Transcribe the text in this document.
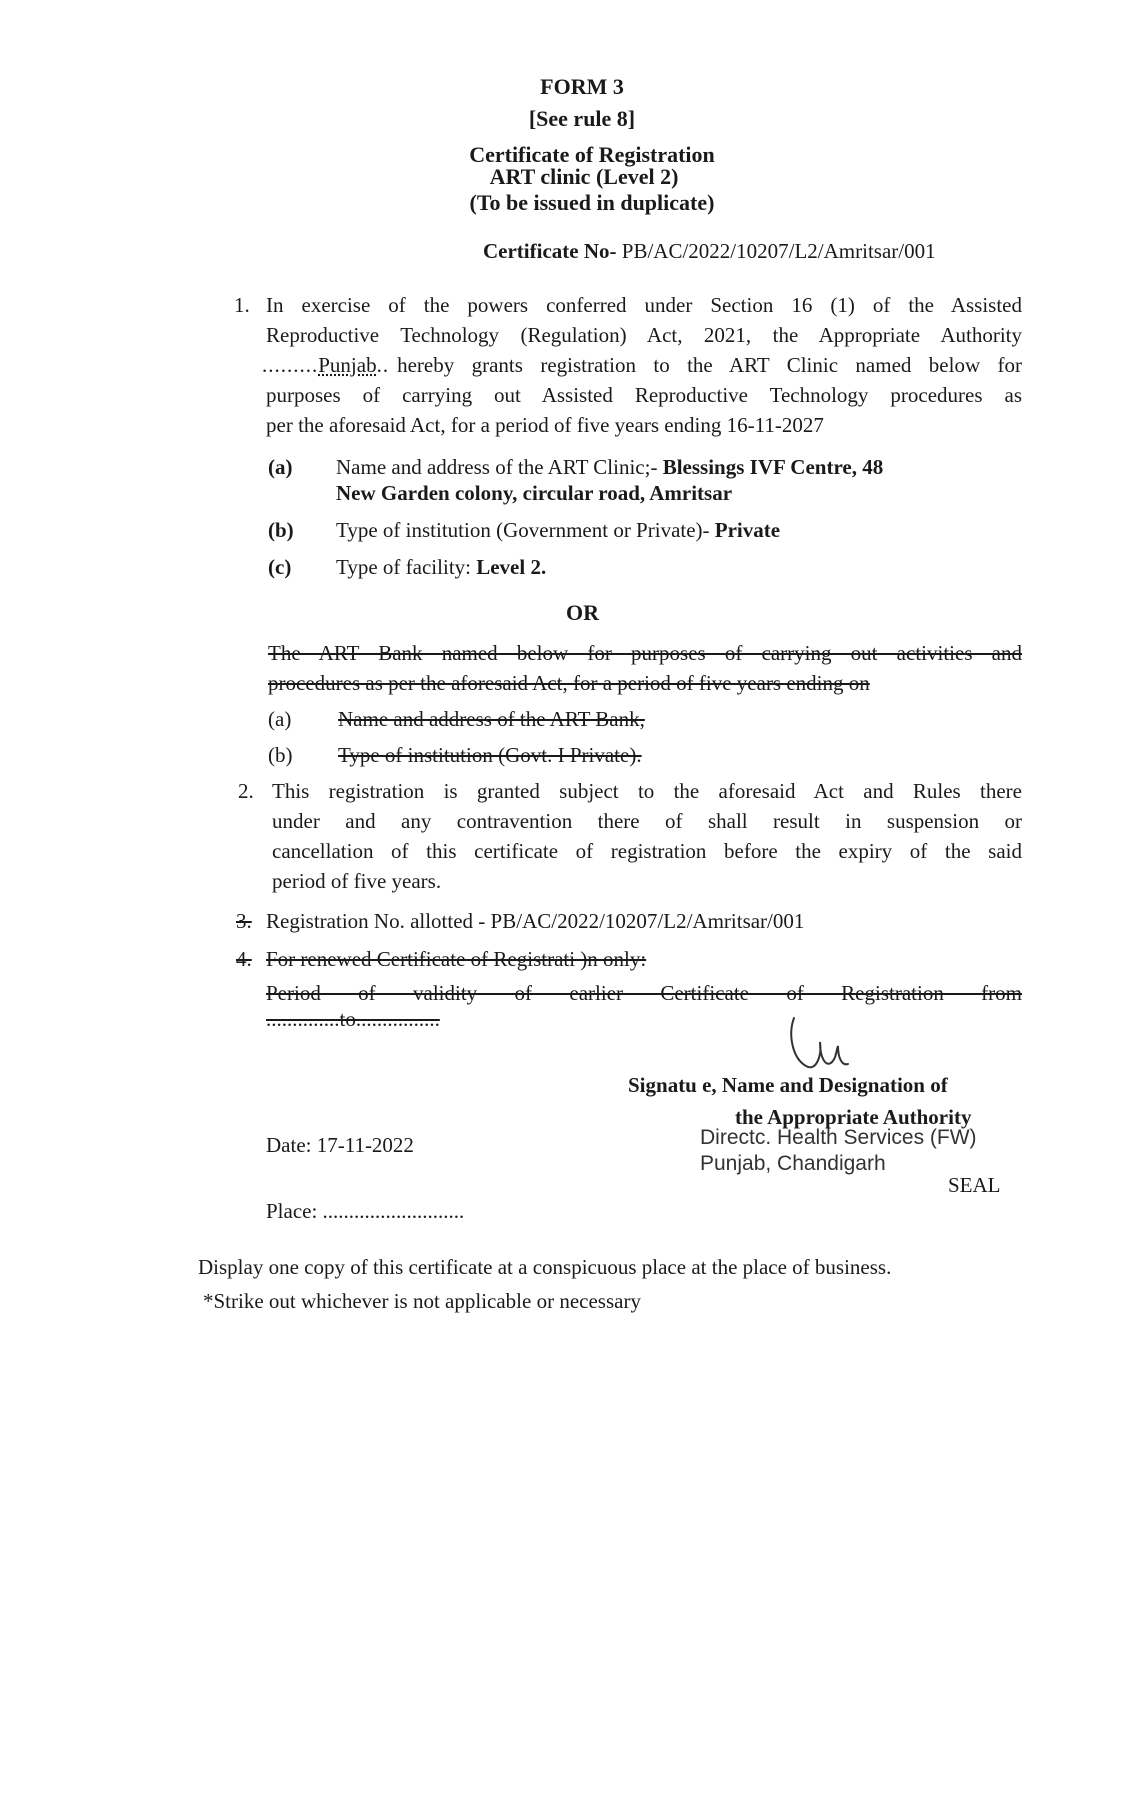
FORM 3
[See rule 8]
Certificate of Registration
ART clinic (Level 2)
(To be issued in duplicate)
Certificate No- PB/AC/2022/10207/L2/Amritsar/001
1. In exercise of the powers conferred under Section 16 (1) of the Assisted
Reproductive Technology (Regulation) Act, 2021, the Appropriate Authority
.........Punjab.. hereby grants registration to the ART Clinic named below for
purposes of carrying out Assisted Reproductive Technology procedures as
per the aforesaid Act, for a period of five years ending 16-11-2027
(a) Name and address of the ART Clinic;- Blessings IVF Centre, 48
New Garden colony, circular road, Amritsar
(b) Type of institution (Government or Private)- Private
(c) Type of facility: Level 2.
OR
The ART Bank named below for purposes of carrying out activities and
procedures as per the aforesaid Act, for a period of five years ending on
(a) Name and address of the ART Bank,
(b) Type of institution (Govt. I Private).
2. This registration is granted subject to the aforesaid Act and Rules there
under and any contravention there of shall result in suspension or
cancellation of this certificate of registration before the expiry of the said
period of five years.
3. Registration No. allotted - PB/AC/2022/10207/L2/Amritsar/001
4. For renewed Certificate of Registrati )n only:
Period of validity of earlier Certificate of Registration from
..............to................
Signatu e, Name and Designation of
the Appropriate Authority
Directc. Health Services (FW)
Punjab, Chandigarh
SEAL
Date: 17-11-2022
Place: ...........................
Display one copy of this certificate at a conspicuous place at the place of business.
*Strike out whichever is not applicable or necessary
